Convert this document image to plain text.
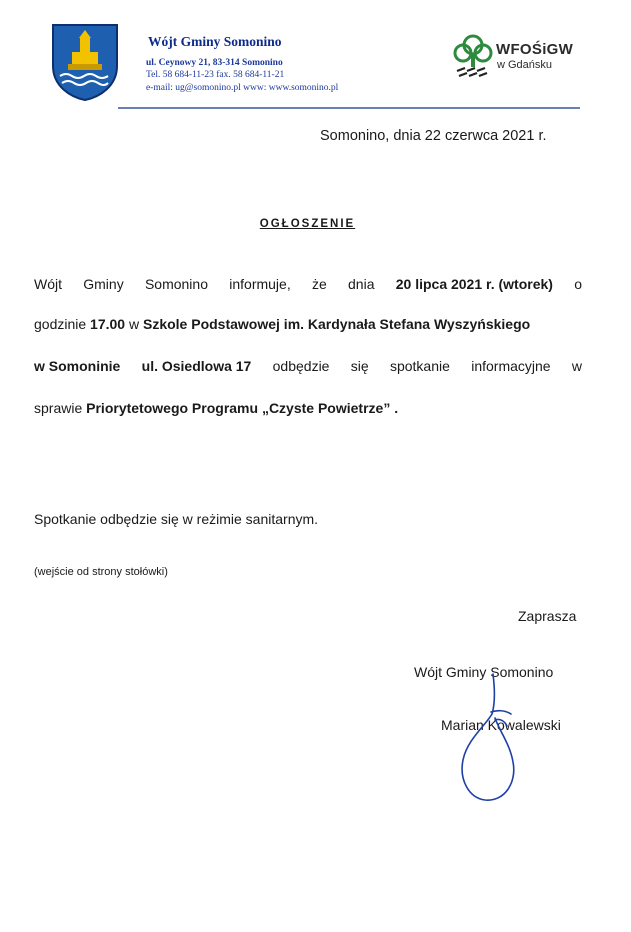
Wójt Gminy Somonino
ul. Ceynowy 21, 83-314 Somonino
Tel. 58 684-11-23 fax. 58 684-11-21
e-mail: ug@somonino.pl www: www.somonino.pl
WFOŚiGW
w Gdańsku
Somonino, dnia 22 czerwca 2021 r.
OGŁOSZENIE
Wójt Gminy Somonino informuje, że dnia 20 lipca 2021 r. (wtorek) o
godzinie 17.00 w Szkole Podstawowej im. Kardynała Stefana Wyszyńskiego
w Somoninie ul. Osiedlowa 17 odbędzie się spotkanie informacyjne w
sprawie Priorytetowego Programu „Czyste Powietrze” .
Spotkanie odbędzie się w reżimie sanitarnym.
(wejście od strony stołówki)
Zaprasza
Wójt Gminy Somonino
Marian Kowalewski
